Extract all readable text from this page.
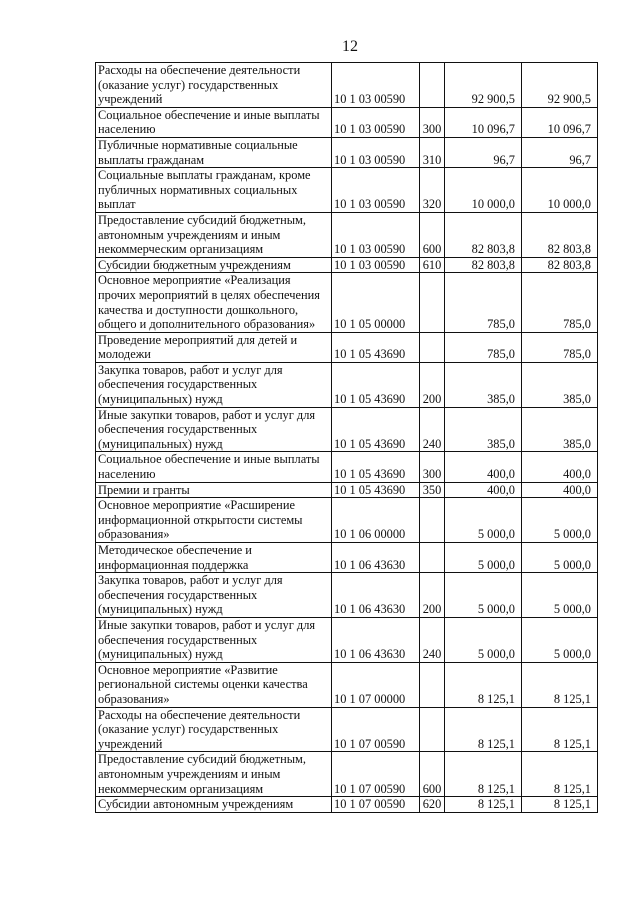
12
Расходы на обеспечение деятельности (оказание услуг) государственных учреждений	10 1 03 00590		92 900,5	92 900,5
Социальное обеспечение и иные выплаты населению	10 1 03 00590	300	10 096,7	10 096,7
Публичные нормативные социальные выплаты гражданам	10 1 03 00590	310	96,7	96,7
Социальные выплаты гражданам, кроме публичных нормативных социальных выплат	10 1 03 00590	320	10 000,0	10 000,0
Предоставление субсидий бюджетным, автономным учреждениям и иным некоммерческим организациям	10 1 03 00590	600	82 803,8	82 803,8
Субсидии бюджетным учреждениям	10 1 03 00590	610	82 803,8	82 803,8
Основное мероприятие «Реализация прочих мероприятий в целях обеспечения качества и доступности дошкольного, общего и дополнительного образования»	10 1 05 00000		785,0	785,0
Проведение мероприятий для детей и молодежи	10 1 05 43690		785,0	785,0
Закупка товаров, работ и услуг для обеспечения государственных (муниципальных) нужд	10 1 05 43690	200	385,0	385,0
Иные закупки товаров, работ и услуг для обеспечения государственных (муниципальных) нужд	10 1 05 43690	240	385,0	385,0
Социальное обеспечение и иные выплаты населению	10 1 05 43690	300	400,0	400,0
Премии и гранты	10 1 05 43690	350	400,0	400,0
Основное мероприятие «Расширение информационной открытости системы образования»	10 1 06 00000		5 000,0	5 000,0
Методическое обеспечение и информационная поддержка	10 1 06 43630		5 000,0	5 000,0
Закупка товаров, работ и услуг для обеспечения государственных (муниципальных) нужд	10 1 06 43630	200	5 000,0	5 000,0
Иные закупки товаров, работ и услуг для обеспечения государственных (муниципальных) нужд	10 1 06 43630	240	5 000,0	5 000,0
Основное мероприятие «Развитие региональной системы оценки качества образования»	10 1 07 00000		8 125,1	8 125,1
Расходы на обеспечение деятельности (оказание услуг) государственных учреждений	10 1 07 00590		8 125,1	8 125,1
Предоставление субсидий бюджетным, автономным учреждениям и иным некоммерческим организациям	10 1 07 00590	600	8 125,1	8 125,1
Субсидии автономным учреждениям	10 1 07 00590	620	8 125,1	8 125,1
